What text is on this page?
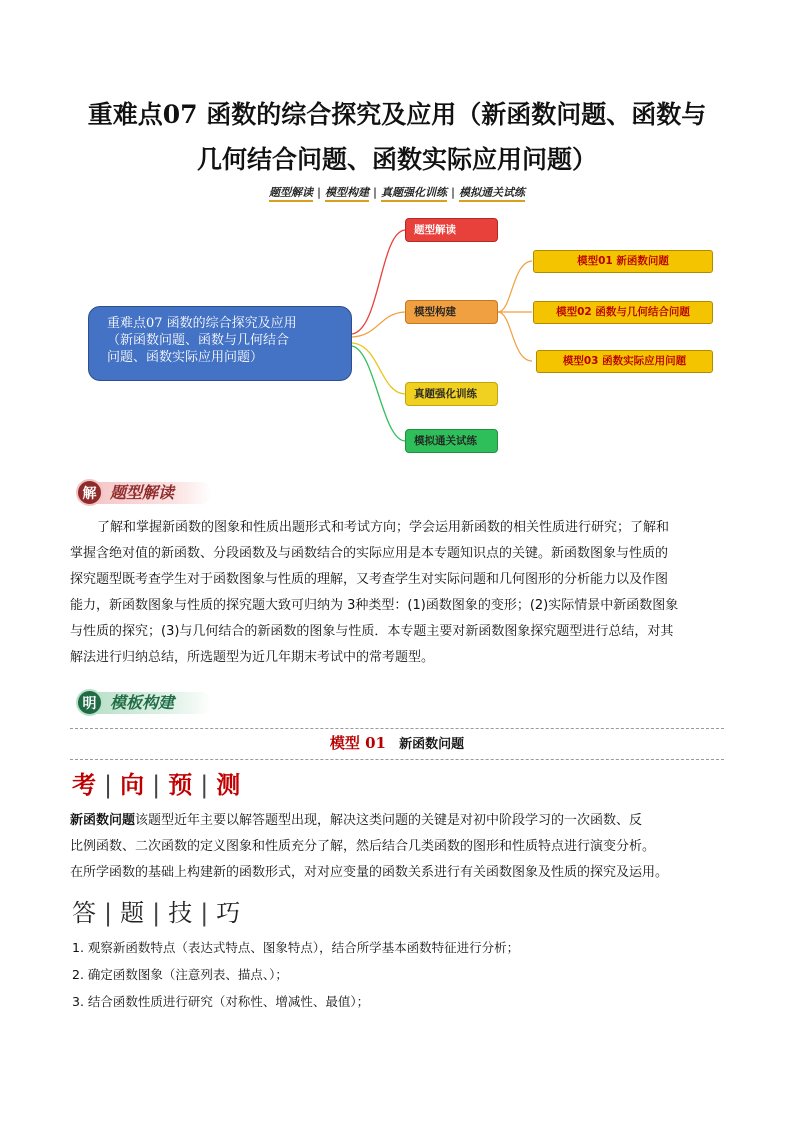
重难点07 函数的综合探究及应用（新函数问题、函数与
几何结合问题、函数实际应用问题）
题型解读 | 模型构建 | 真题强化训练 | 模拟通关试练
重难点07 函数的综合探究及应用
（新函数问题、函数与几何结合
问题、函数实际应用问题）
题型解读
模型构建
真题强化训练
模拟通关试练
模型01 新函数问题
模型02 函数与几何结合问题
模型03 函数实际应用问题
解 题型解读
了解和掌握新函数的图象和性质出题形式和考试方向；学会运用新函数的相关性质进行研究；了解和
掌握含绝对值的新函数、分段函数及与函数结合的实际应用是本专题知识点的关键。新函数图象与性质的
探究题型既考查学生对于函数图象与性质的理解，又考查学生对实际问题和几何图形的分析能力以及作图
能力，新函数图象与性质的探究题大致可归纳为 3种类型：(1)函数图象的变形；(2)实际情景中新函数图象
与性质的探究；(3)与几何结合的新函数的图象与性质．本专题主要对新函数图象探究题型进行总结，对其
解法进行归纳总结，所选题型为近几年期末考试中的常考题型。
明 模板构建
模型 01 新函数问题
考 | 向 | 预 | 测
新函数问题该题型近年主要以解答题型出现，解决这类问题的关键是对初中阶段学习的一次函数、反
比例函数、二次函数的定义图象和性质充分了解，然后结合几类函数的图形和性质特点进行演变分析。
在所学函数的基础上构建新的函数形式，对对应变量的函数关系进行有关函数图象及性质的探究及运用。
答 | 题 | 技 | 巧
1. 观察新函数特点（表达式特点、图象特点），结合所学基本函数特征进行分析；
2. 确定函数图象（注意列表、描点、）；
3. 结合函数性质进行研究（对称性、增减性、最值）；
